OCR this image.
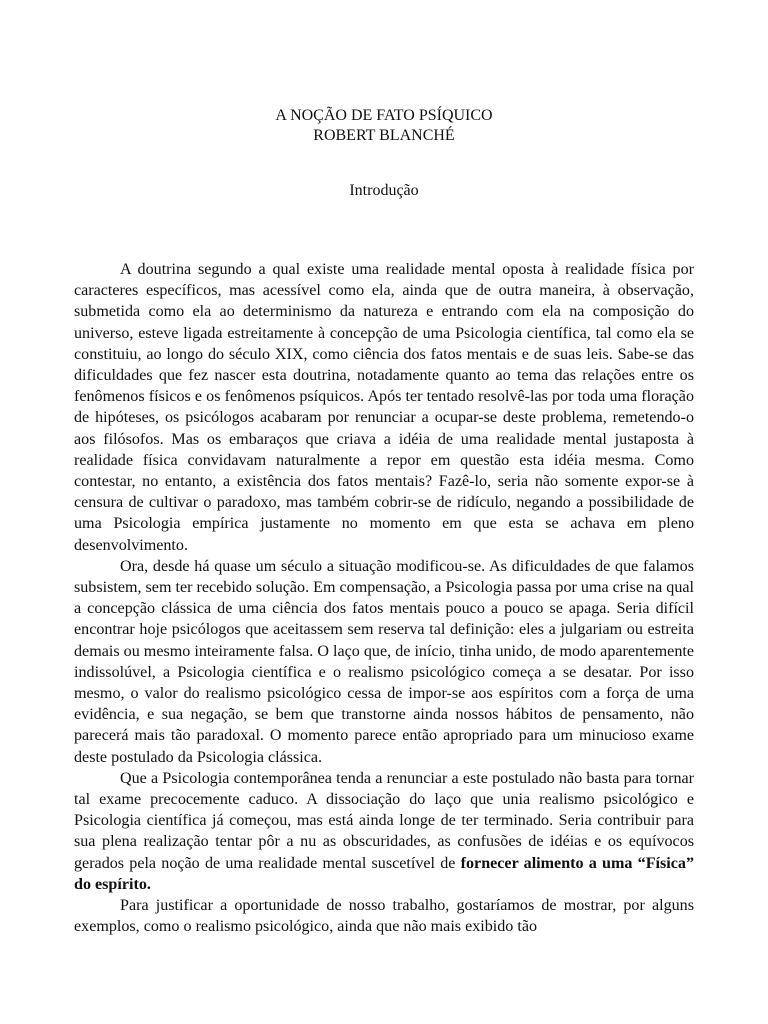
A NOÇÃO DE FATO PSÍQUICO
ROBERT BLANCHÉ
Introdução

A doutrina segundo a qual existe uma realidade mental oposta à realidade física por caracteres específicos, mas acessível como ela, ainda que de outra maneira, à observação, submetida como ela ao determinismo da natureza e entrando com ela na composição do universo, esteve ligada estreitamente à concepção de uma Psicologia científica, tal como ela se constituiu, ao longo do século XIX, como ciência dos fatos mentais e de suas leis. Sabe-se das dificuldades que fez nascer esta doutrina, notadamente quanto ao tema das relações entre os fenômenos físicos e os fenômenos psíquicos. Após ter tentado resolvê-las por toda uma floração de hipóteses, os psicólogos acabaram por renunciar a ocupar-se deste problema, remetendo-o aos filósofos. Mas os embaraços que criava a idéia de uma realidade mental justaposta à realidade física convidavam naturalmente a repor em questão esta idéia mesma. Como contestar, no entanto, a existência dos fatos mentais? Fazê-lo, seria não somente expor-se à censura de cultivar o paradoxo, mas também cobrir-se de ridículo, negando a possibilidade de uma Psicologia empírica justamente no momento em que esta se achava em pleno desenvolvimento.

Ora, desde há quase um século a situação modificou-se. As dificuldades de que falamos subsistem, sem ter recebido solução. Em compensação, a Psicologia passa por uma crise na qual a concepção clássica de uma ciência dos fatos mentais pouco a pouco se apaga. Seria difícil encontrar hoje psicólogos que aceitassem sem reserva tal definição: eles a julgariam ou estreita demais ou mesmo inteiramente falsa. O laço que, de início, tinha unido, de modo aparentemente indissolúvel, a Psicologia científica e o realismo psicológico começa a se desatar. Por isso mesmo, o valor do realismo psicológico cessa de impor-se aos espíritos com a força de uma evidência, e sua negação, se bem que transtorne ainda nossos hábitos de pensamento, não parecerá mais tão paradoxal. O momento parece então apropriado para um minucioso exame deste postulado da Psicologia clássica.

Que a Psicologia contemporânea tenda a renunciar a este postulado não basta para tornar tal exame precocemente caduco. A dissociação do laço que unia realismo psicológico e Psicologia científica já começou, mas está ainda longe de ter terminado. Seria contribuir para sua plena realização tentar pôr a nu as obscuridades, as confusões de idéias e os equívocos gerados pela noção de uma realidade mental suscetível de fornecer alimento a uma “Física” do espírito.

Para justificar a oportunidade de nosso trabalho, gostaríamos de mostrar, por alguns exemplos, como o realismo psicológico, ainda que não mais exibido tão
